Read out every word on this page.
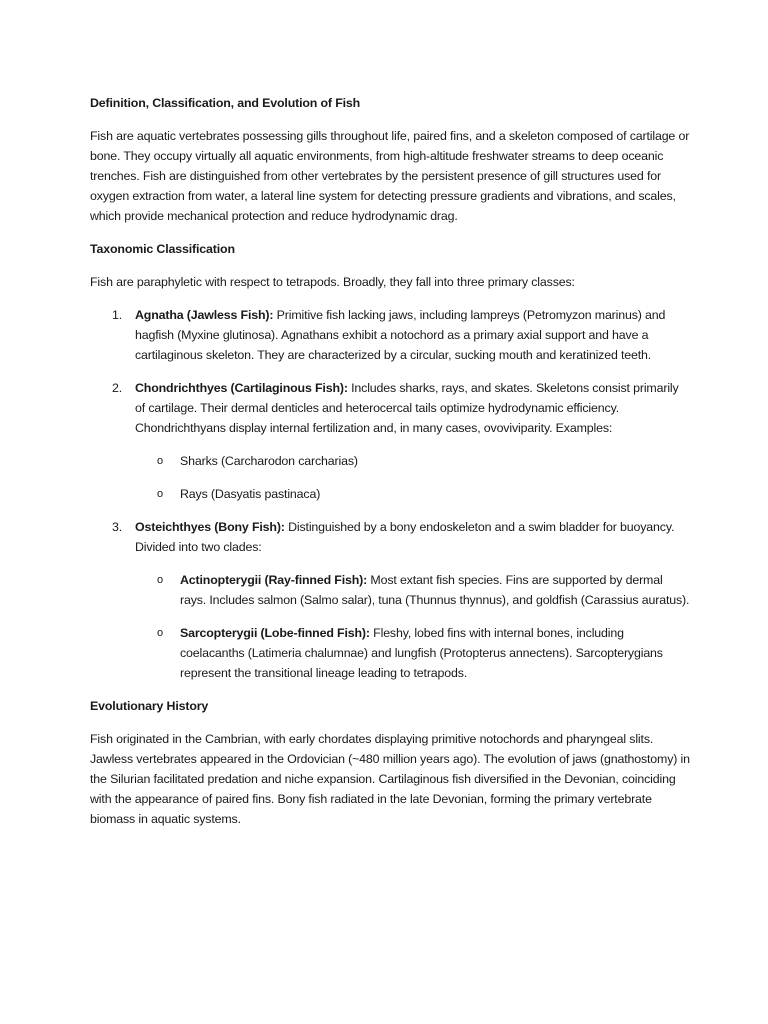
Definition, Classification, and Evolution of Fish

Fish are aquatic vertebrates possessing gills throughout life, paired fins, and a skeleton composed of cartilage or bone. They occupy virtually all aquatic environments, from high-altitude freshwater streams to deep oceanic trenches. Fish are distinguished from other vertebrates by the persistent presence of gill structures used for oxygen extraction from water, a lateral line system for detecting pressure gradients and vibrations, and scales, which provide mechanical protection and reduce hydrodynamic drag.

Taxonomic Classification

Fish are paraphyletic with respect to tetrapods. Broadly, they fall into three primary classes:

1. Agnatha (Jawless Fish): Primitive fish lacking jaws, including lampreys (Petromyzon marinus) and hagfish (Myxine glutinosa). Agnathans exhibit a notochord as a primary axial support and have a cartilaginous skeleton. They are characterized by a circular, sucking mouth and keratinized teeth.
2. Chondrichthyes (Cartilaginous Fish): Includes sharks, rays, and skates. Skeletons consist primarily of cartilage. Their dermal denticles and heterocercal tails optimize hydrodynamic efficiency. Chondrichthyans display internal fertilization and, in many cases, ovoviviparity. Examples:
o Sharks (Carcharodon carcharias)
o Rays (Dasyatis pastinaca)
3. Osteichthyes (Bony Fish): Distinguished by a bony endoskeleton and a swim bladder for buoyancy. Divided into two clades:
o Actinopterygii (Ray-finned Fish): Most extant fish species. Fins are supported by dermal rays. Includes salmon (Salmo salar), tuna (Thunnus thynnus), and goldfish (Carassius auratus).
o Sarcopterygii (Lobe-finned Fish): Fleshy, lobed fins with internal bones, including coelacanths (Latimeria chalumnae) and lungfish (Protopterus annectens). Sarcopterygians represent the transitional lineage leading to tetrapods.

Evolutionary History

Fish originated in the Cambrian, with early chordates displaying primitive notochords and pharyngeal slits. Jawless vertebrates appeared in the Ordovician (~480 million years ago). The evolution of jaws (gnathostomy) in the Silurian facilitated predation and niche expansion. Cartilaginous fish diversified in the Devonian, coinciding with the appearance of paired fins. Bony fish radiated in the late Devonian, forming the primary vertebrate biomass in aquatic systems.
